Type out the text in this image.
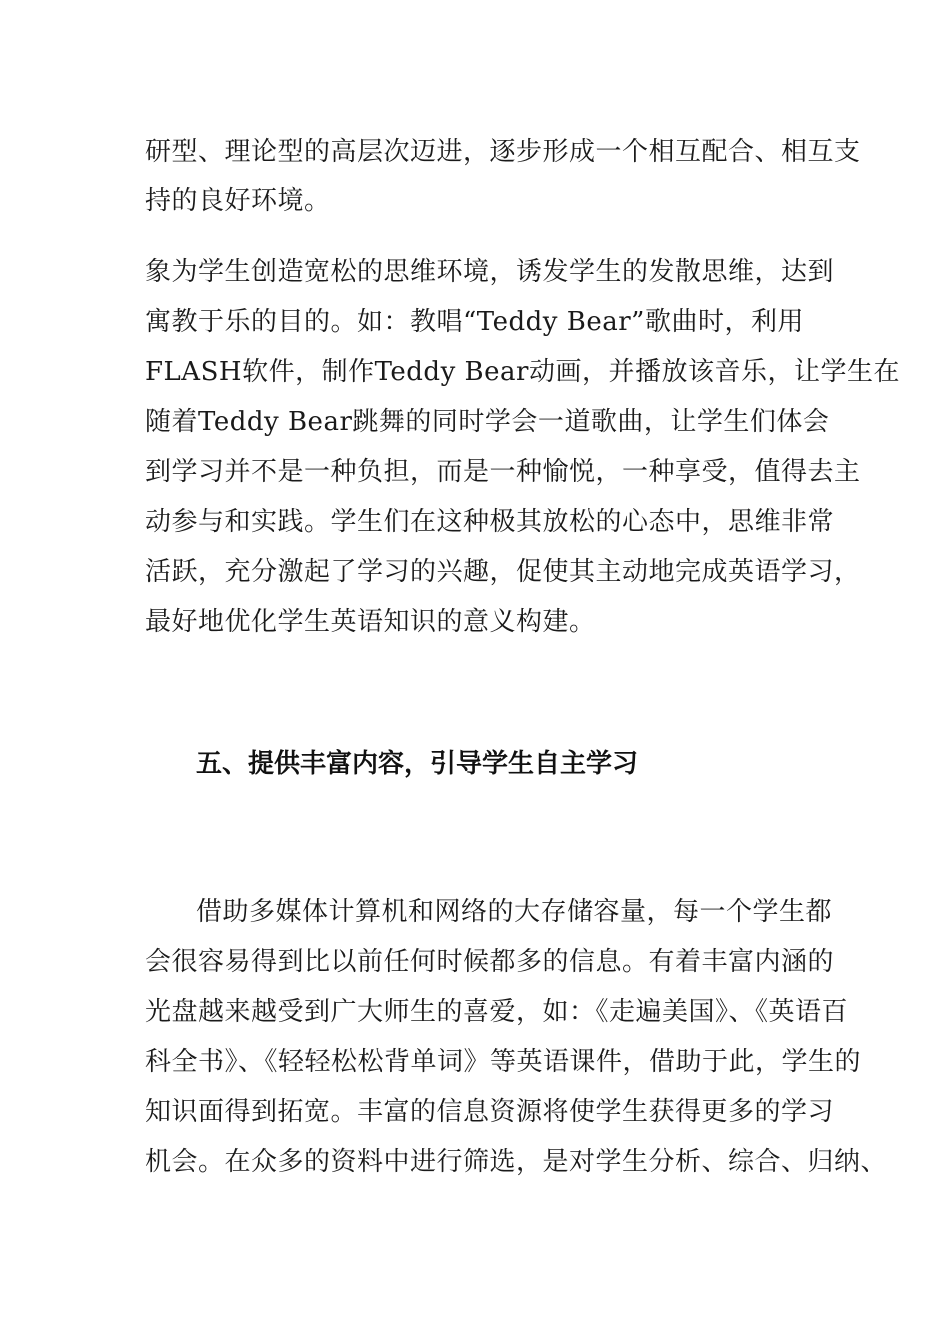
研型、理论型的高层次迈进，逐步形成一个相互配合、相互支
持的良好环境。
象为学生创造宽松的思维环境，诱发学生的发散思维，达到
寓教于乐的目的。如：教唱“Teddy Bear”歌曲时，利用
FLASH软件，制作Teddy Bear动画，并播放该音乐，让学生在
随着Teddy Bear跳舞的同时学会一道歌曲，让学生们体会
到学习并不是一种负担，而是一种愉悦，一种享受，值得去主
动参与和实践。学生们在这种极其放松的心态中，思维非常
活跃，充分激起了学习的兴趣，促使其主动地完成英语学习，
最好地优化学生英语知识的意义构建。
五、提供丰富内容，引导学生自主学习
借助多媒体计算机和网络的大存储容量，每一个学生都
会很容易得到比以前任何时候都多的信息。有着丰富内涵的
光盘越来越受到广大师生的喜爱，如：《走遍美国》、《英语百
科全书》、《轻轻松松背单词》等英语课件，借助于此，学生的
知识面得到拓宽。丰富的信息资源将使学生获得更多的学习
机会。在众多的资料中进行筛选，是对学生分析、综合、归纳、
